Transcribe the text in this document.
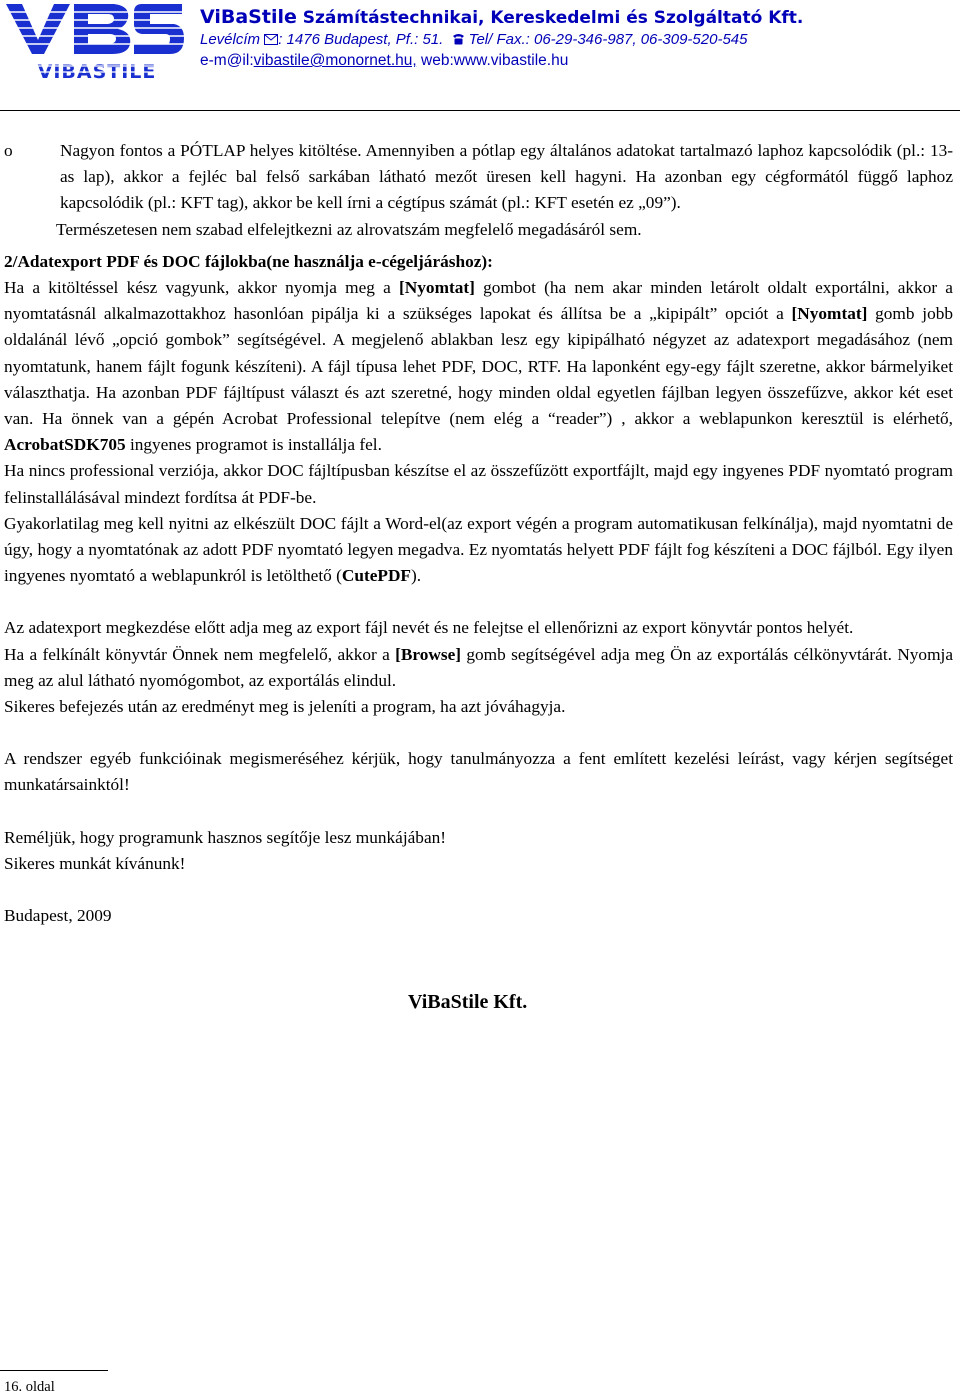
VIBASTILE
ViBaStile Számítástechnikai, Kereskedelmi és Szolgáltató Kft.
Levélcím : 1476 Budapest, Pf.: 51. Tel/ Fax.: 06-29-346-987, 06-309-520-545
e-m@il:vibastile@monornet.hu, web:www.vibastile.hu
o	Nagyon fontos a PÓTLAP helyes kitöltése. Amennyiben a pótlap egy általános adatokat tartalmazó laphoz kapcsolódik (pl.: 13-as lap), akkor a fejléc bal felső sarkában látható mezőt üresen kell hagyni. Ha azonban egy cégformától függő laphoz kapcsolódik (pl.: KFT tag), akkor be kell írni a cégtípus számát (pl.: KFT esetén ez „09”).

Természetesen nem szabad elfelejtkezni az alrovatszám megfelelő megadásáról sem.

2/Adatexport PDF és DOC fájlokba(ne használja e-cégeljáráshoz):

Ha a kitöltéssel kész vagyunk, akkor nyomja meg a [Nyomtat] gombot (ha nem akar minden letárolt oldalt exportálni, akkor a nyomtatásnál alkalmazottakhoz hasonlóan pipálja ki a szükséges lapokat és állítsa be a „kipipált” opciót a [Nyomtat] gomb jobb oldalánál lévő „opció gombok” segítségével. A megjelenő ablakban lesz egy kipipálható négyzet az adatexport megadásához (nem nyomtatunk, hanem fájlt fogunk készíteni). A fájl típusa lehet PDF, DOC, RTF. Ha laponként egy-egy fájlt szeretne, akkor bármelyiket választhatja. Ha azonban PDF fájltípust választ és azt szeretné, hogy minden oldal egyetlen fájlban legyen összefűzve, akkor két eset van. Ha önnek van a gépén Acrobat Professional telepítve (nem elég a “reader”) , akkor a weblapunkon keresztül is elérhető, AcrobatSDK705 ingyenes programot is installálja fel.

Ha nincs professional verziója, akkor DOC fájltípusban készítse el az összefűzött exportfájlt, majd egy ingyenes PDF nyomtató program felinstallálásával mindezt fordítsa át PDF-be.

Gyakorlatilag meg kell nyitni az elkészült DOC fájlt a Word-el(az export végén a program automatikusan felkínálja), majd nyomtatni de úgy, hogy a nyomtatónak az adott PDF nyomtató legyen megadva. Ez nyomtatás helyett PDF fájlt fog készíteni a DOC fájlból. Egy ilyen ingyenes nyomtató a weblapunkról is letölthető (CutePDF).

Az adatexport megkezdése előtt adja meg az export fájl nevét és ne felejtse el ellenőrizni az export könyvtár pontos helyét.

Ha a felkínált könyvtár Önnek nem megfelelő, akkor a [Browse] gomb segítségével adja meg Ön az exportálás célkönyvtárát. Nyomja meg az alul látható nyomógombot, az exportálás elindul.

Sikeres befejezés után az eredményt meg is jeleníti a program, ha azt jóváhagyja.

A rendszer egyéb funkcióinak megismeréséhez kérjük, hogy tanulmányozza a fent említett kezelési leírást, vagy kérjen segítséget munkatársainktól!

Reméljük, hogy programunk hasznos segítője lesz munkájában!

Sikeres munkát kívánunk!

Budapest, 2009

ViBaStile Kft.

16. oldal
